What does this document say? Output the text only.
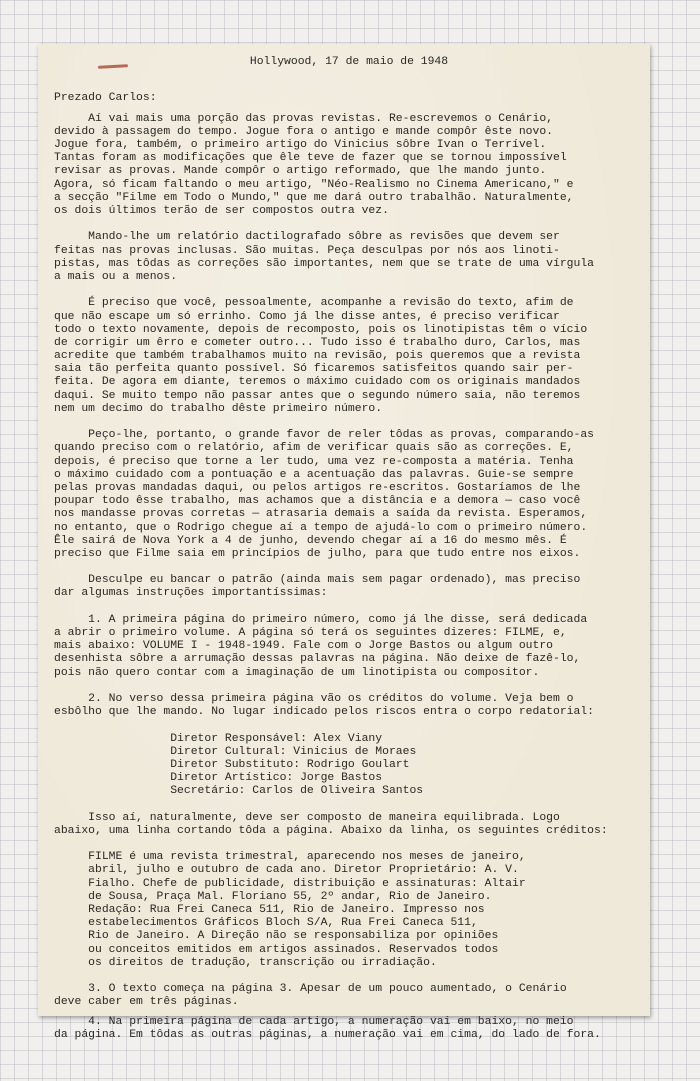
Hollywood, 17 de maio de 1948
Prezado Carlos:
Aí vai mais uma porção das provas revistas. Re-escrevemos o Cenário,
devido à passagem do tempo. Jogue fora o antigo e mande compôr êste novo.
Jogue fora, também, o primeiro artigo do Vinicius sôbre Ivan o Terrível.
Tantas foram as modificações que êle teve de fazer que se tornou impossível
revisar as provas. Mande compôr o artigo reformado, que lhe mando junto.
Agora, só ficam faltando o meu artigo, "Néo-Realismo no Cinema Americano," e
a secção "Filme em Todo o Mundo," que me dará outro trabalhão. Naturalmente,
os dois últimos terão de ser compostos outra vez.
Mando-lhe um relatório dactilografado sôbre as revisões que devem ser
feitas nas provas inclusas. São muitas. Peça desculpas por nós aos linoti-
pistas, mas tôdas as correções são importantes, nem que se trate de uma vírgula
a mais ou a menos.
É preciso que você, pessoalmente, acompanhe a revisão do texto, afim de
que não escape um só errinho. Como já lhe disse antes, é preciso verificar
todo o texto novamente, depois de recomposto, pois os linotipistas têm o vício
de corrigir um êrro e cometer outro... Tudo isso é trabalho duro, Carlos, mas
acredite que também trabalhamos muito na revisão, pois queremos que a revista
saia tão perfeita quanto possível. Só ficaremos satisfeitos quando sair per-
feita. De agora em diante, teremos o máximo cuidado com os originais mandados
daqui. Se muito tempo não passar antes que o segundo número saia, não teremos
nem um decimo do trabalho dêste primeiro número.
Peço-lhe, portanto, o grande favor de reler tôdas as provas, comparando-as
quando preciso com o relatório, afim de verificar quais são as correções. E,
depois, é preciso que torne a ler tudo, uma vez re-composta a matéria. Tenha
o máximo cuidado com a pontuação e a acentuação das palavras. Guie-se sempre
pelas provas mandadas daqui, ou pelos artigos re-escritos. Gostaríamos de lhe
poupar todo êsse trabalho, mas achamos que a distância e a demora — caso você
nos mandasse provas corretas — atrasaria demais a saída da revista. Esperamos,
no entanto, que o Rodrigo chegue aí a tempo de ajudá-lo com o primeiro número.
Êle sairá de Nova York a 4 de junho, devendo chegar aí a 16 do mesmo mês. É
preciso que Filme saia em princípios de julho, para que tudo entre nos eixos.
Desculpe eu bancar o patrão (ainda mais sem pagar ordenado), mas preciso
dar algumas instruções importantíssimas:
1. A primeira página do primeiro número, como já lhe disse, será dedicada
a abrir o primeiro volume. A página só terá os seguintes dizeres: FILME, e,
mais abaixo: VOLUME I - 1948-1949. Fale com o Jorge Bastos ou algum outro
desenhista sôbre a arrumação dessas palavras na página. Não deixe de fazê-lo,
pois não quero contar com a imaginação de um linotipista ou compositor.
2. No verso dessa primeira página vão os créditos do volume. Veja bem o
esbôlho que lhe mando. No lugar indicado pelos riscos entra o corpo redatorial:
Diretor Responsável: Alex Viany
Diretor Cultural: Vinicius de Moraes
Diretor Substituto: Rodrigo Goulart
Diretor Artístico: Jorge Bastos
Secretário: Carlos de Oliveira Santos
Isso aí, naturalmente, deve ser composto de maneira equilibrada. Logo
abaixo, uma linha cortando tôda a página. Abaixo da linha, os seguintes créditos:
FILME é uma revista trimestral, aparecendo nos meses de janeiro,
abril, julho e outubro de cada ano. Diretor Proprietário: A. V.
Fialho. Chefe de publicidade, distribuição e assinaturas: Altair
de Sousa, Praça Mal. Floriano 55, 2º andar, Rio de Janeiro.
Redação: Rua Frei Caneca 511, Rio de Janeiro. Impresso nos
estabelecimentos Gráficos Bloch S/A, Rua Frei Caneca 511,
Rio de Janeiro. A Direção não se responsabiliza por opiniões
ou conceitos emitidos em artigos assinados. Reservados todos
os direitos de tradução, transcrição ou irradiação.
3. O texto começa na página 3. Apesar de um pouco aumentado, o Cenário
deve caber em três páginas.
4. Na primeira página de cada artigo, a numeração vai em baixo, no meio
da página. Em tôdas as outras páginas, a numeração vai em cima, do lado de fora.
